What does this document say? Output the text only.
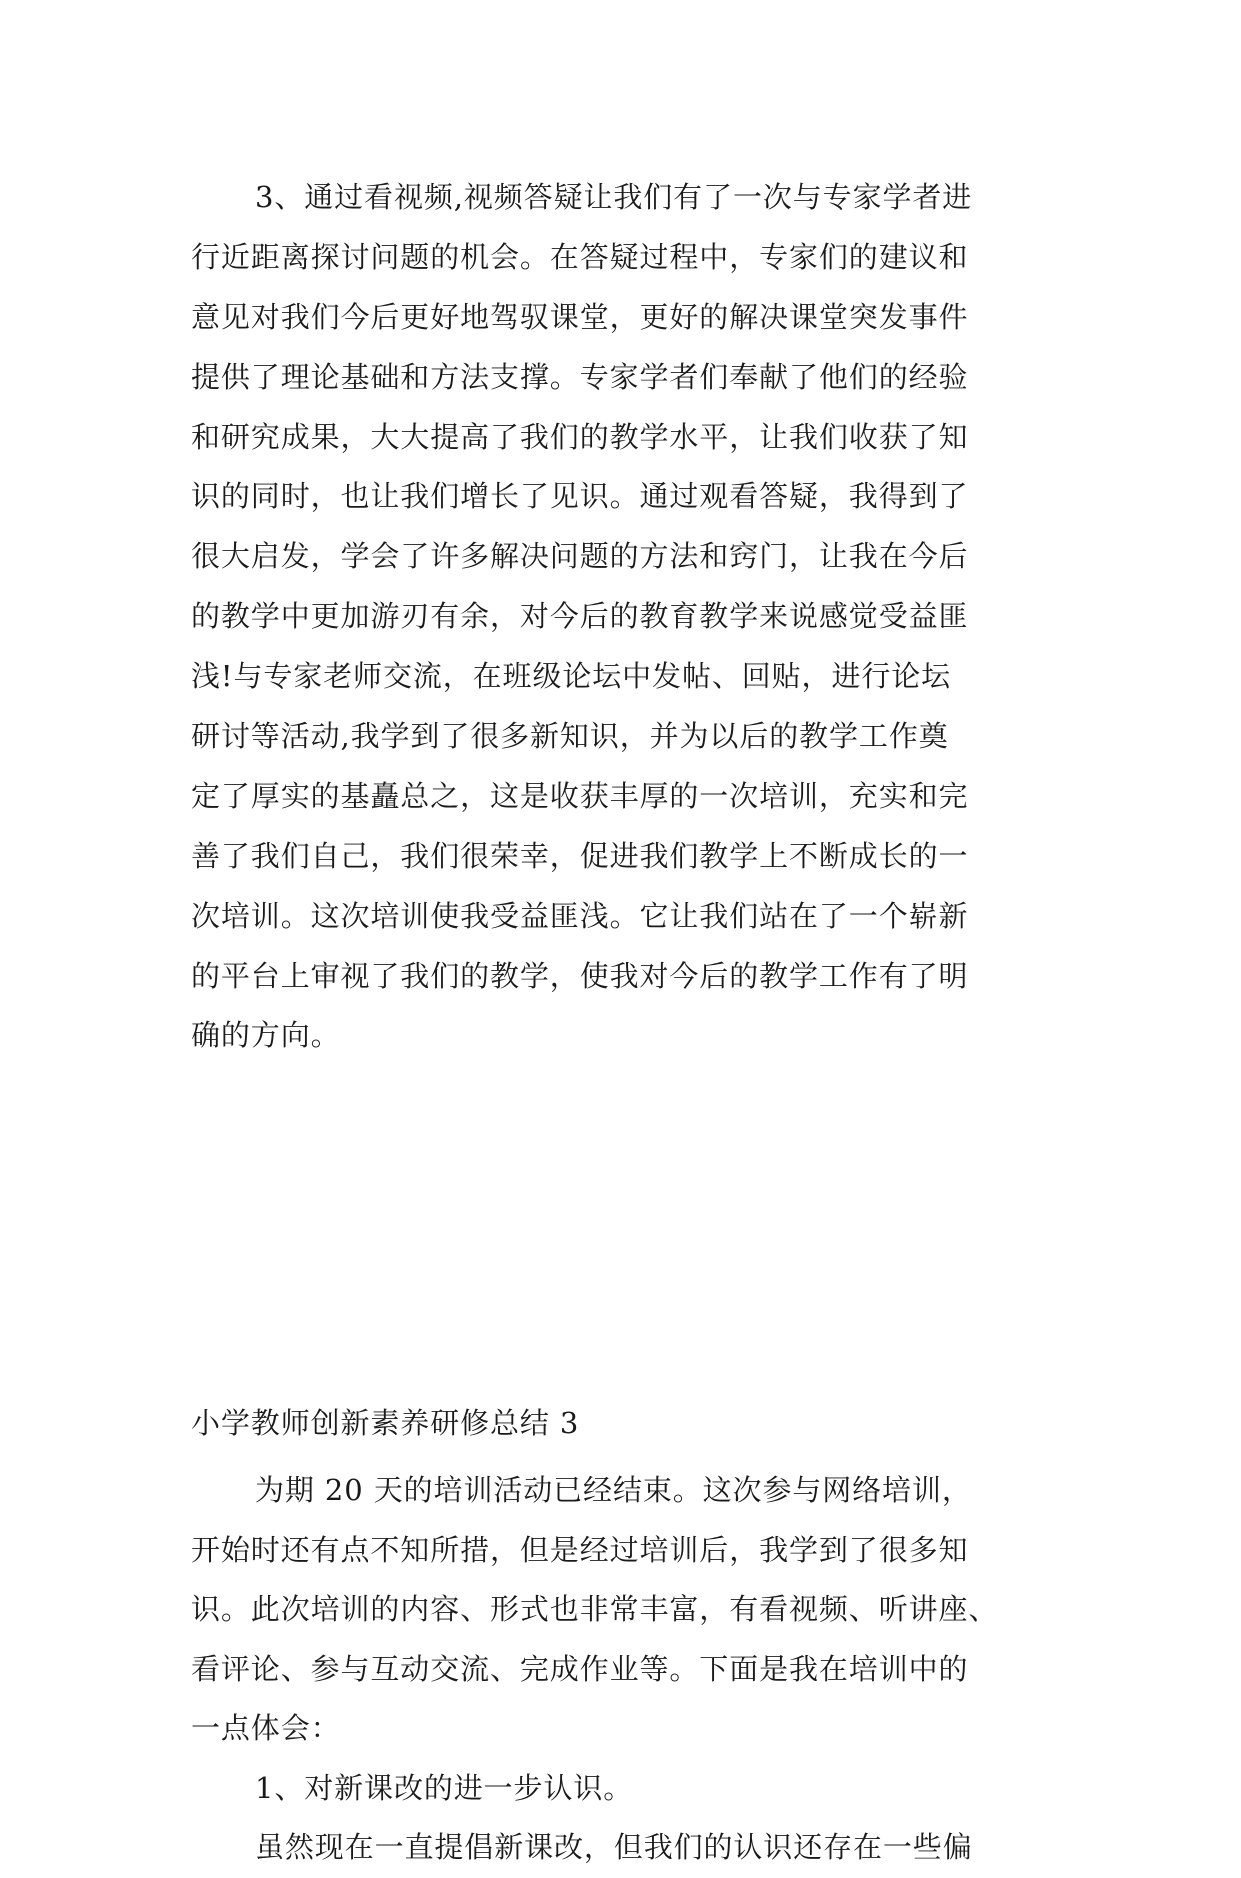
3、通过看视频,视频答疑让我们有了一次与专家学者进
行近距离探讨问题的机会。在答疑过程中，专家们的建议和
意见对我们今后更好地驾驭课堂，更好的解决课堂突发事件
提供了理论基础和方法支撑。专家学者们奉献了他们的经验
和研究成果，大大提高了我们的教学水平，让我们收获了知
识的同时，也让我们增长了见识。通过观看答疑，我得到了
很大启发，学会了许多解决问题的方法和窍门，让我在今后
的教学中更加游刃有余，对今后的教育教学来说感觉受益匪
浅!与专家老师交流，在班级论坛中发帖、回贴，进行论坛
研讨等活动,我学到了很多新知识，并为以后的教学工作奠
定了厚实的基矗总之，这是收获丰厚的一次培训，充实和完
善了我们自己，我们很荣幸，促进我们教学上不断成长的一
次培训。这次培训使我受益匪浅。它让我们站在了一个崭新
的平台上审视了我们的教学，使我对今后的教学工作有了明
确的方向。
小学教师创新素养研修总结 3
为期 20 天的培训活动已经结束。这次参与网络培训，
开始时还有点不知所措，但是经过培训后，我学到了很多知
识。此次培训的内容、形式也非常丰富，有看视频、听讲座、
看评论、参与互动交流、完成作业等。下面是我在培训中的
一点体会：
1、对新课改的进一步认识。
虽然现在一直提倡新课改，但我们的认识还存在一些偏
